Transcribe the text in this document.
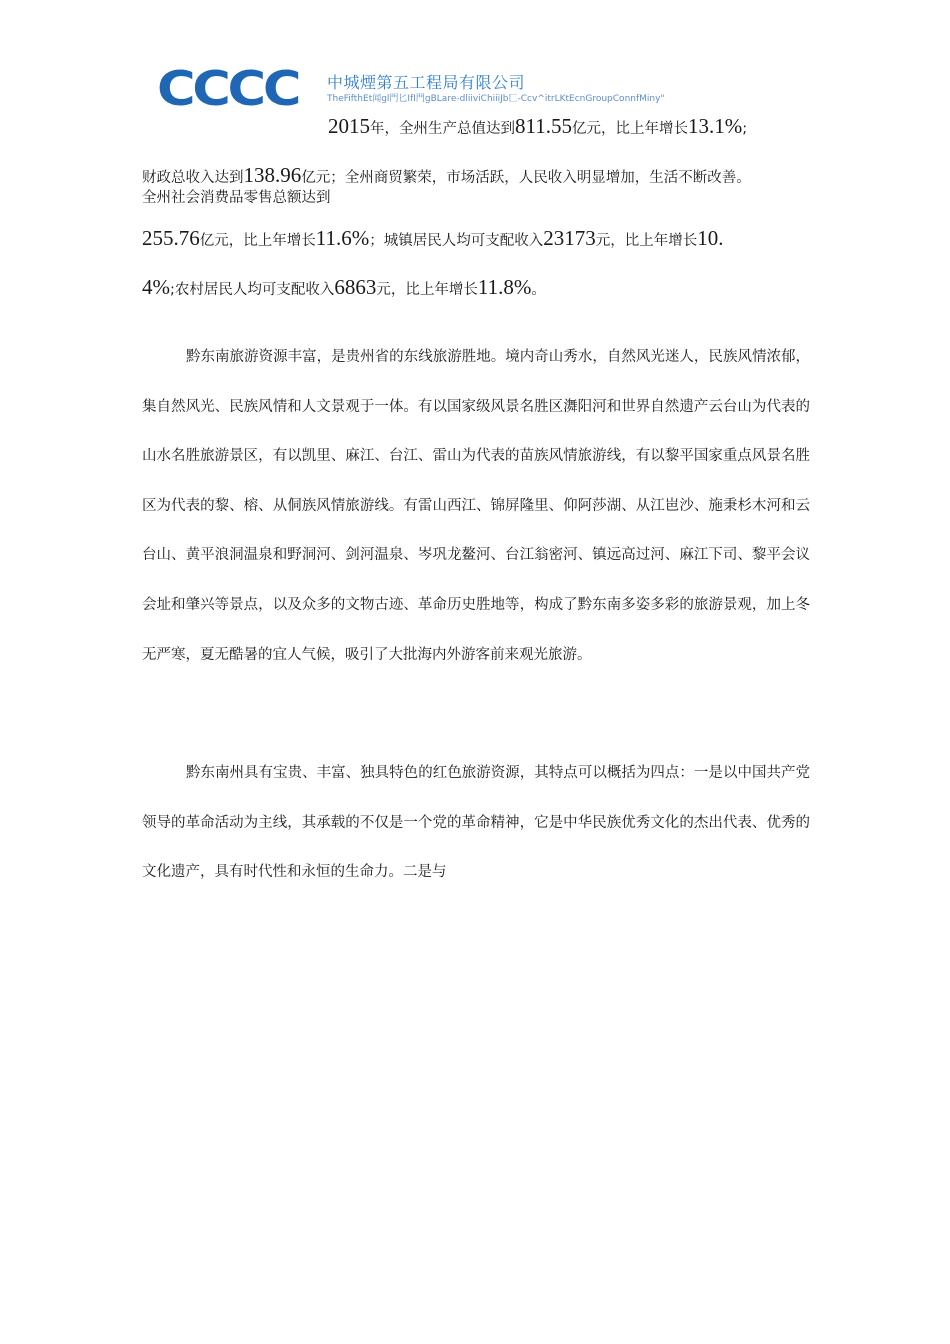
CCCC 中城煙第五工程局有限公司
TheFifthEt闻gl門匕IfI門gBLare-dliiviChiiiJb匚-Ccv^itrLKtEcnGroupConnfMiny"
2015年，全州生产总值达到811.55亿元，比上年增长13.1%;
财政总收入达到138.96亿元；全州商贸繁荣，市场活跃，人民收入明显增加，生活不断改善。
全州社会消费品零售总额达到
255.76亿元，比上年增长11.6%；城镇居民人均可支配收入23173元，比上年增长10.
4%;农村居民人均可支配收入6863元，比上年增长11.8%。

黔东南旅游资源丰富，是贵州省的东线旅游胜地。境内奇山秀水，自然风光迷人，民族风情浓郁，集自然风光、民族风情和人文景观于一体。有以国家级风景名胜区㵲阳河和世界自然遗产云台山为代表的山水名胜旅游景区，有以凯里、麻江、台江、雷山为代表的苗族风情旅游线，有以黎平国家重点风景名胜区为代表的黎、榕、从侗族风情旅游线。有雷山西江、锦屏隆里、仰阿莎湖、从江岜沙、施秉杉木河和云台山、黄平浪洞温泉和野洞河、剑河温泉、岑巩龙鳌河、台江翁密河、镇远高过河、麻江下司、黎平会议会址和肇兴等景点，以及众多的文物古迹、革命历史胜地等，构成了黔东南多姿多彩的旅游景观，加上冬无严寒，夏无酷暑的宜人气候，吸引了大批海内外游客前来观光旅游。

黔东南州具有宝贵、丰富、独具特色的红色旅游资源，其特点可以概括为四点：一是以中国共产党领导的革命活动为主线，其承载的不仅是一个党的革命精神，它是中华民族优秀文化的杰出代表、优秀的文化遗产，具有时代性和永恒的生命力。二是与
